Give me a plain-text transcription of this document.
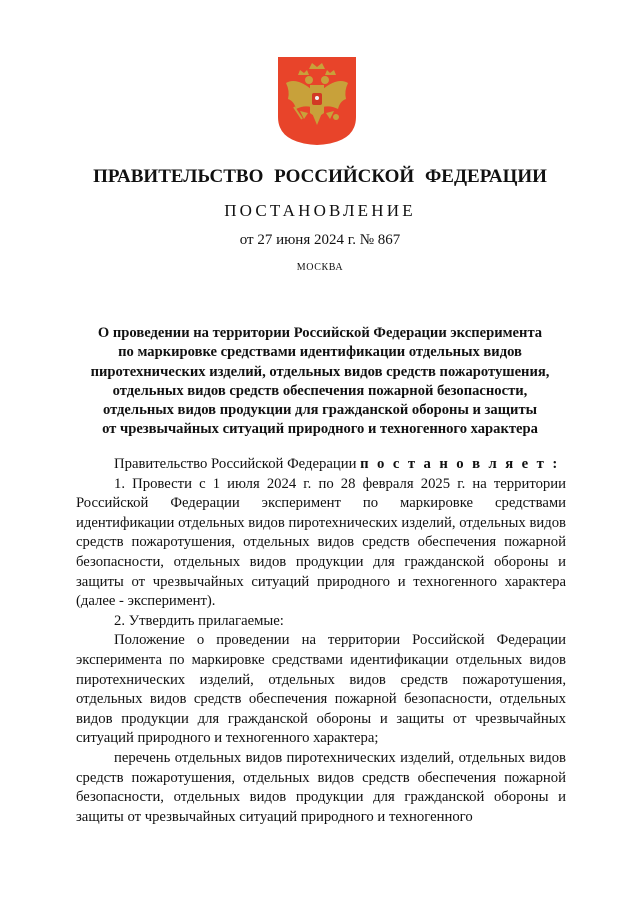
ПРАВИТЕЛЬСТВО РОССИЙСКОЙ ФЕДЕРАЦИИ
ПОСТАНОВЛЕНИЕ
от 27 июня 2024 г. № 867
МОСКВА
О проведении на территории Российской Федерации эксперимента
по маркировке средствами идентификации отдельных видов
пиротехнических изделий, отдельных видов средств пожаротушения,
отдельных видов средств обеспечения пожарной безопасности,
отдельных видов продукции для гражданской обороны и защиты
от чрезвычайных ситуаций природного и техногенного характера

Правительство Российской Федерации п о с т а н о в л я е т :

1. Провести с 1 июля 2024 г. по 28 февраля 2025 г. на территории Российской Федерации эксперимент по маркировке средствами идентификации отдельных видов пиротехнических изделий, отдельных видов средств пожаротушения, отдельных видов средств обеспечения пожарной безопасности, отдельных видов продукции для гражданской обороны и защиты от чрезвычайных ситуаций природного и техногенного характера (далее - эксперимент).

2. Утвердить прилагаемые:

Положение о проведении на территории Российской Федерации эксперимента по маркировке средствами идентификации отдельных видов пиротехнических изделий, отдельных видов средств пожаротушения, отдельных видов средств обеспечения пожарной безопасности, отдельных видов продукции для гражданской обороны и защиты от чрезвычайных ситуаций природного и техногенного характера;

перечень отдельных видов пиротехнических изделий, отдельных видов средств пожаротушения, отдельных видов средств обеспечения пожарной безопасности, отдельных видов продукции для гражданской обороны и защиты от чрезвычайных ситуаций природного и техногенного
